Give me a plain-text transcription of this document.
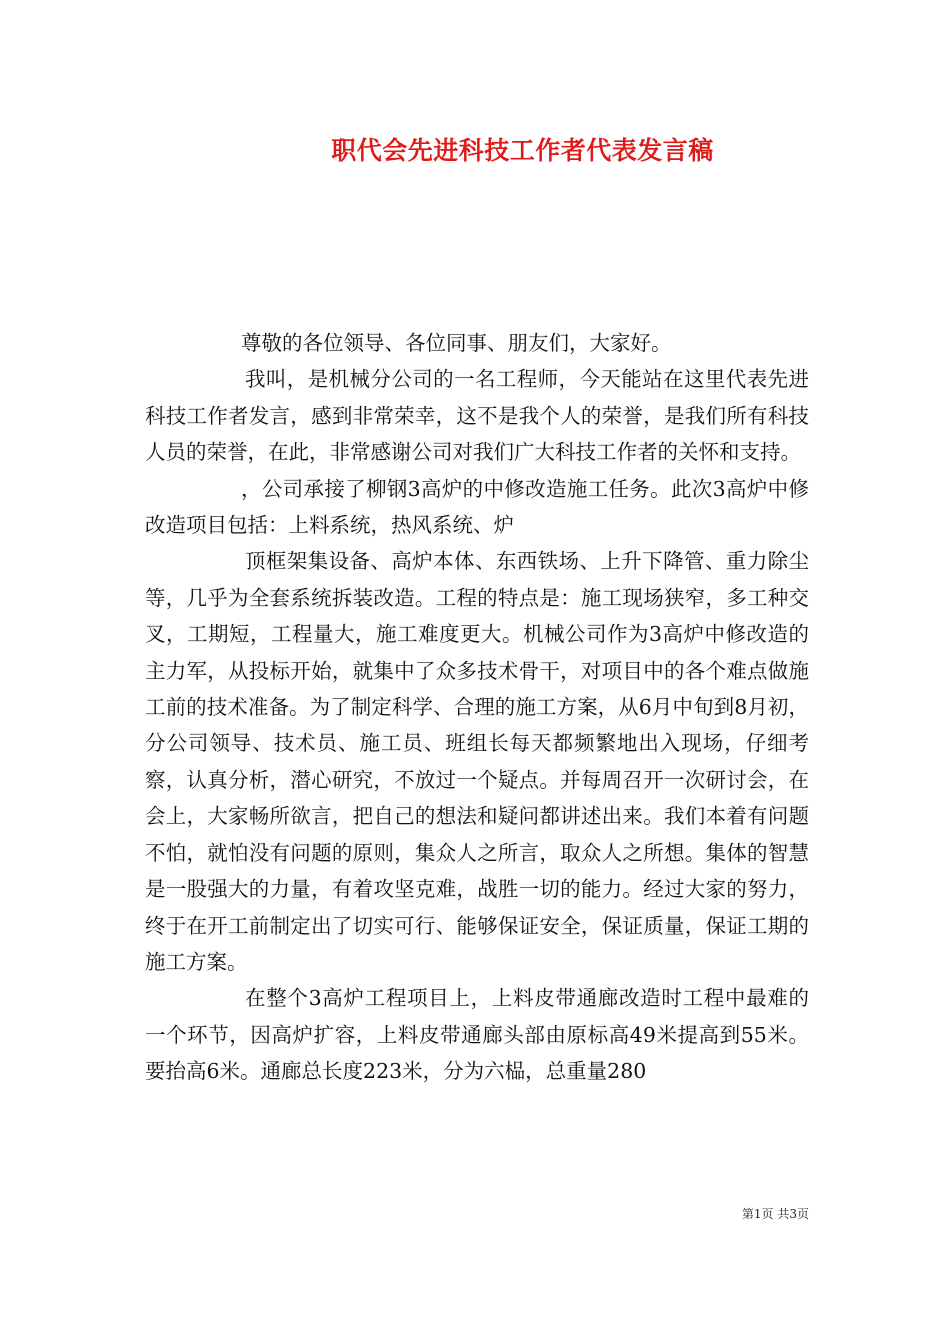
职代会先进科技工作者代表发言稿

尊敬的各位领导、各位同事、朋友们，大家好。

我叫，是机械分公司的一名工程师，今天能站在这里代表先进科技工作者发言，感到非常荣幸，这不是我个人的荣誉，是我们所有科技人员的荣誉，在此，非常感谢公司对我们广大科技工作者的关怀和支持。

，公司承接了柳钢3高炉的中修改造施工任务。此次3高炉中修改造项目包括：上料系统，热风系统、炉

顶框架集设备、高炉本体、东西铁场、上升下降管、重力除尘等，几乎为全套系统拆装改造。工程的特点是：施工现场狭窄，多工种交叉，工期短，工程量大，施工难度更大。机械公司作为3高炉中修改造的主力军，从投标开始，就集中了众多技术骨干，对项目中的各个难点做施工前的技术准备。为了制定科学、合理的施工方案，从6月中旬到8月初，分公司领导、技术员、施工员、班组长每天都频繁地出入现场，仔细考察，认真分析，潜心研究，不放过一个疑点。并每周召开一次研讨会，在会上，大家畅所欲言，把自己的想法和疑问都讲述出来。我们本着有问题不怕，就怕没有问题的原则，集众人之所言，取众人之所想。集体的智慧是一股强大的力量，有着攻坚克难，战胜一切的能力。经过大家的努力，终于在开工前制定出了切实可行、能够保证安全，保证质量，保证工期的施工方案。

在整个3高炉工程项目上，上料皮带通廊改造时工程中最难的一个环节，因高炉扩容，上料皮带通廊头部由原标高49米提高到55米。要抬高6米。通廊总长度223米，分为六榀，总重量280

第1页 共3页
